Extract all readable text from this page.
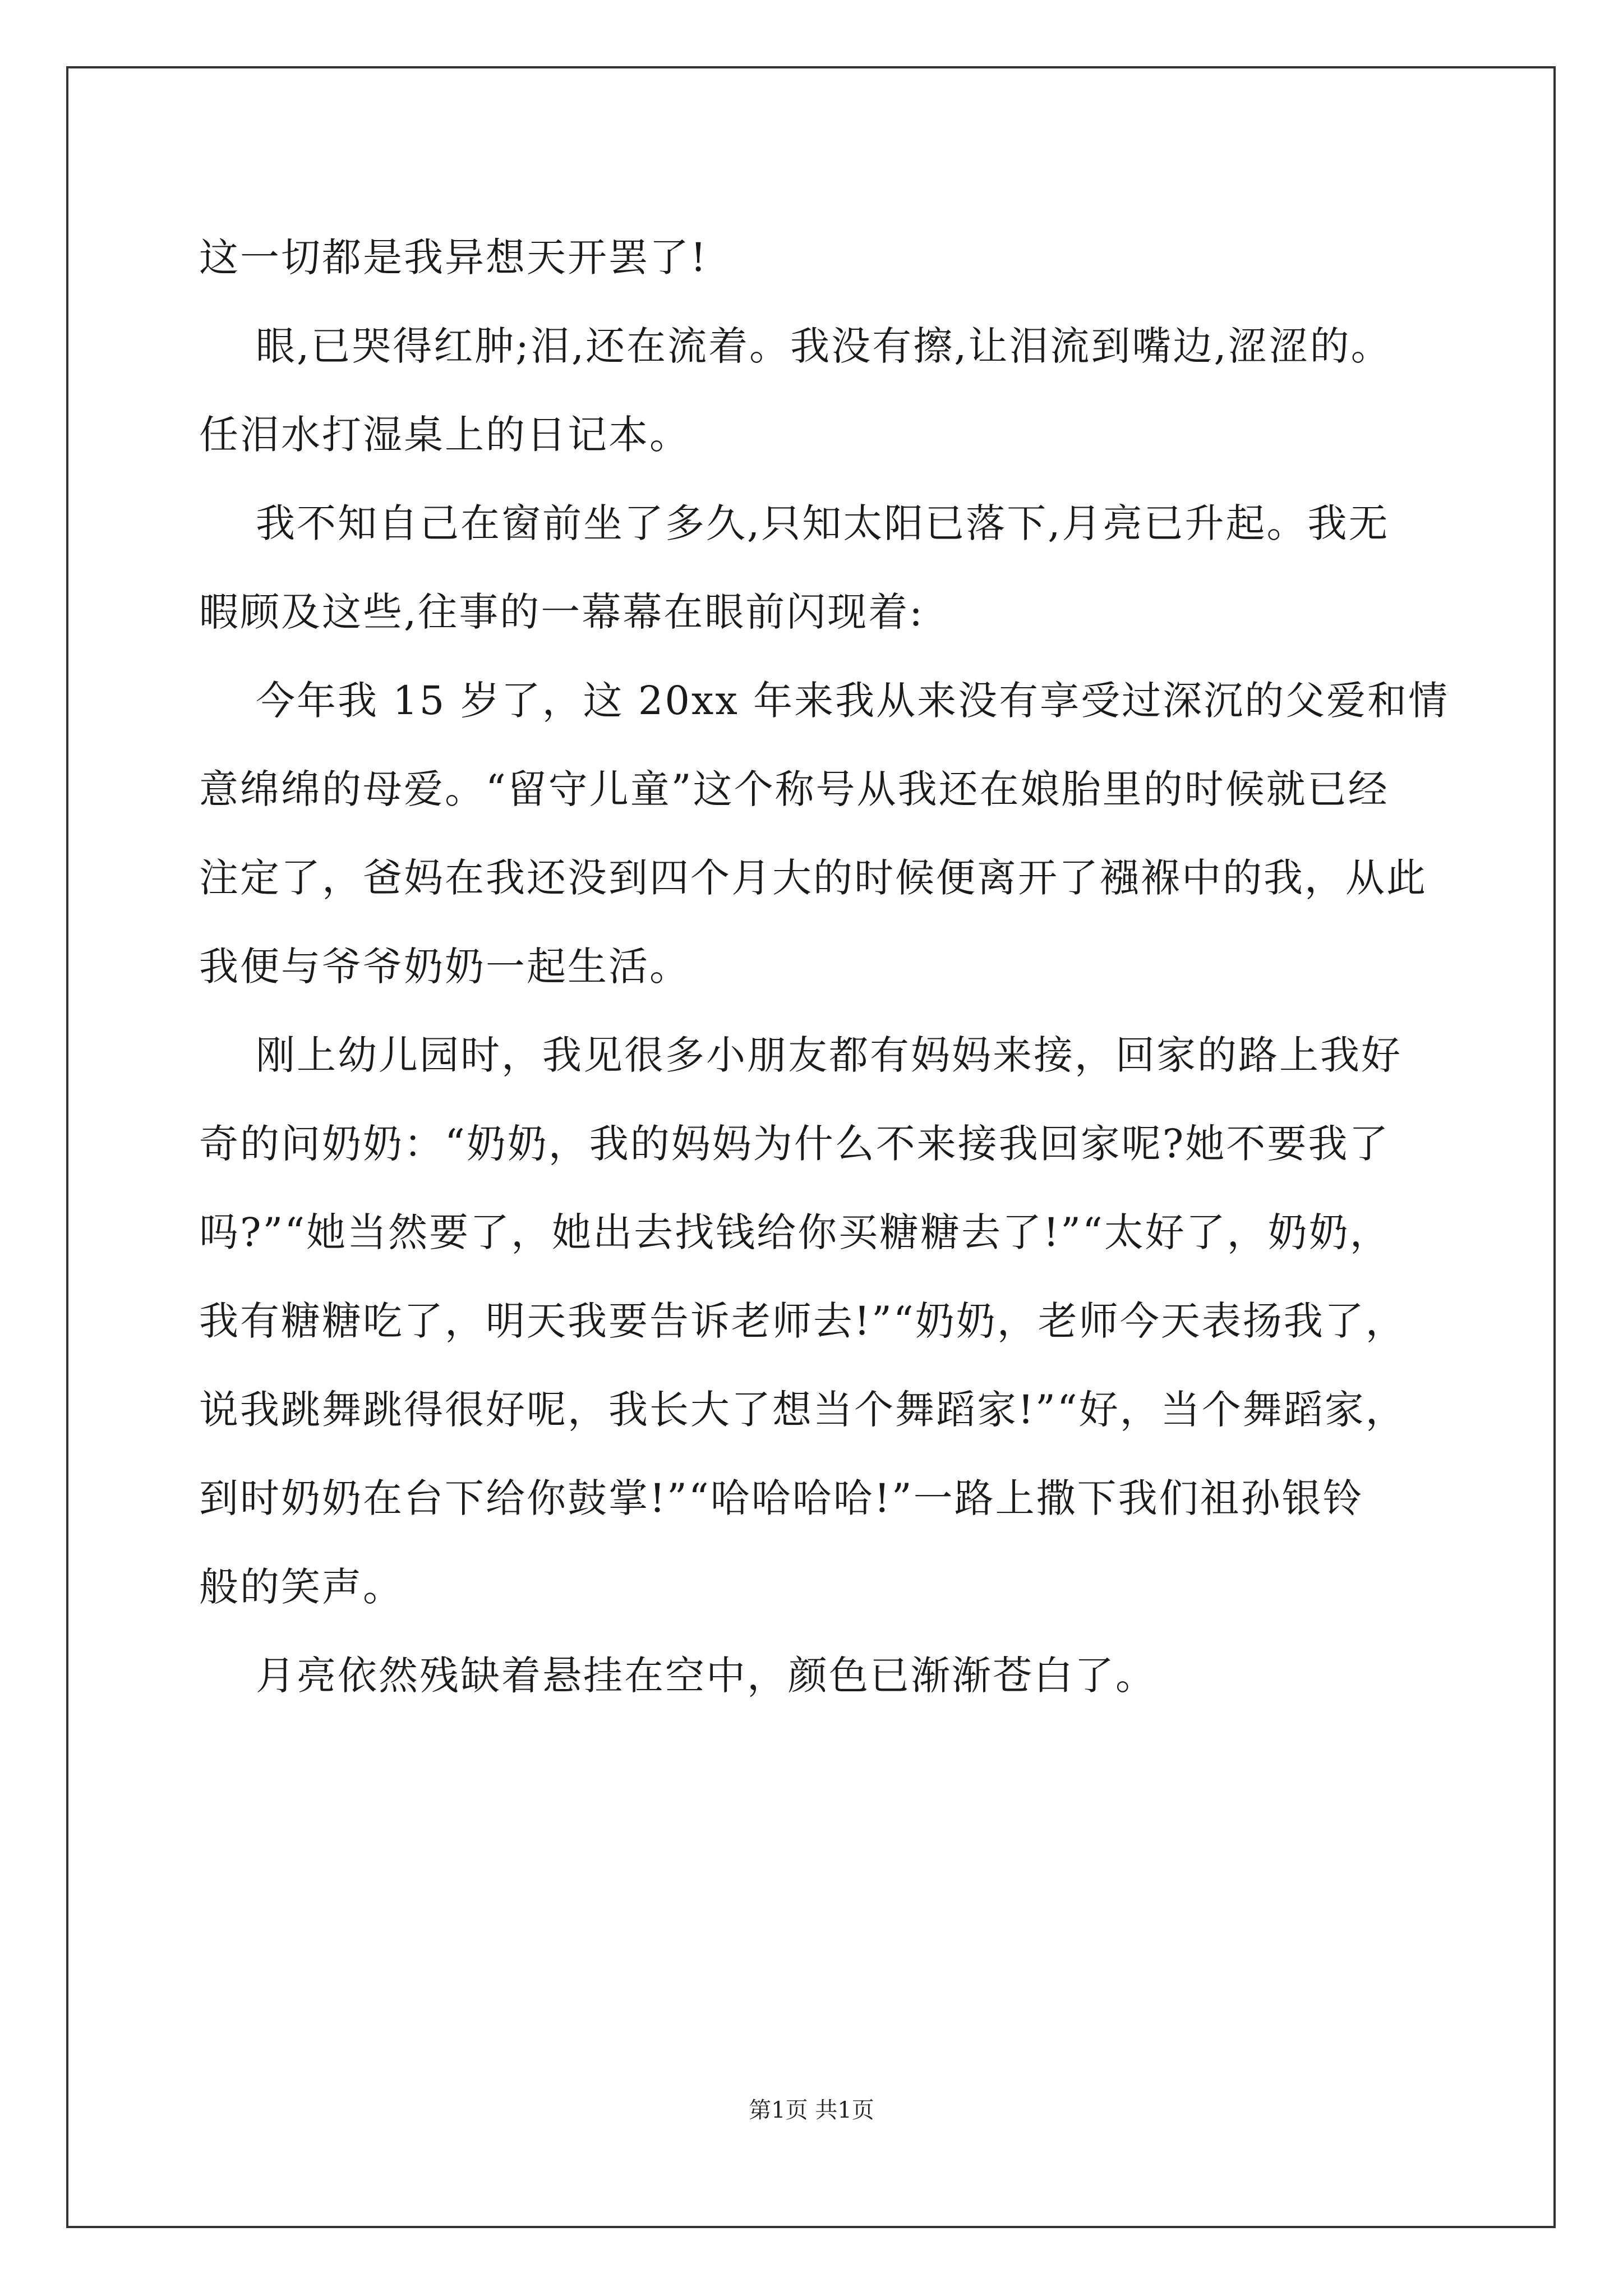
这一切都是我异想天开罢了!
眼,已哭得红肿;泪,还在流着。我没有擦,让泪流到嘴边,涩涩的。
任泪水打湿桌上的日记本。
我不知自己在窗前坐了多久,只知太阳已落下,月亮已升起。我无
暇顾及这些,往事的一幕幕在眼前闪现着:
今年我 15 岁了，这 20xx 年来我从来没有享受过深沉的父爱和情
意绵绵的母爱。“留守儿童”这个称号从我还在娘胎里的时候就已经
注定了，爸妈在我还没到四个月大的时候便离开了襁褓中的我，从此
我便与爷爷奶奶一起生活。
刚上幼儿园时，我见很多小朋友都有妈妈来接，回家的路上我好
奇的问奶奶：“奶奶，我的妈妈为什么不来接我回家呢?她不要我了
吗?”“她当然要了，她出去找钱给你买糖糖去了!”“太好了，奶奶，
我有糖糖吃了，明天我要告诉老师去!”“奶奶，老师今天表扬我了，
说我跳舞跳得很好呢，我长大了想当个舞蹈家!”“好，当个舞蹈家，
到时奶奶在台下给你鼓掌!”“哈哈哈哈!”一路上撒下我们祖孙银铃
般的笑声。
月亮依然残缺着悬挂在空中，颜色已渐渐苍白了。
第1页 共1页
